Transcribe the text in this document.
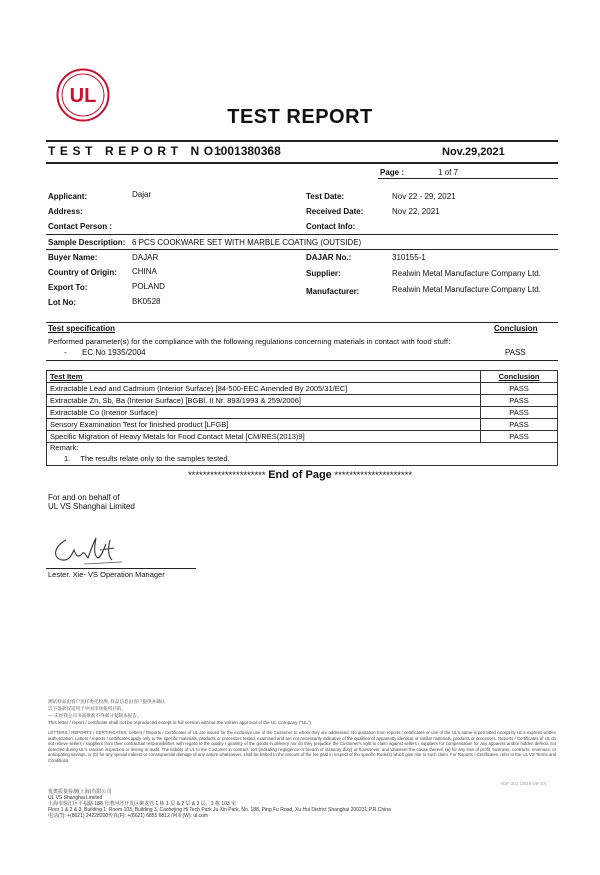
UL
TEST REPORT
TEST REPORT NO:
1001380368	Nov.29,2021
Page :	1 of 7
Applicant:	Dajar	Test Date:	Nov 22 - 29, 2021
Address:	Received Date:	Nov 22, 2021
Contact Person :	Contact Info:
Sample Description: 6 PCS COOKWARE SET WITH MARBLE COATING (OUTSIDE)
Buyer Name:	DAJAR	DAJAR No.:	310155-1
Country of Origin: CHINA	Supplier:	Realwin Metal Manufacture Company Ltd.
Export To:	POLAND
Manufacturer:	Realwin Metal Manufacture Company Ltd.
Lot No:	BK0528
Test specification	Conclusion
Performed parameter(s) for the compliance with the following regulations concerning materials in contact with food stuff：
- EC No 1935/2004	PASS
Test Item	Conclusion
Extractable Lead and Cadmium (Interior Surface) [84-500-EEC Amended By 2005/31/EC]	PASS
Extractable Zn, Sb, Ba (Interior Surface) [BGBl. II Nr. 893/1993 & 259/2006]	PASS
Extractable Co (Interior Surface)	PASS
Sensory Examination Test for finished product [LFGB]	PASS
Specific Migration of Heavy Metals for Food Contact Metal [CM/RES(2013)9]	PASS

Remark:
1. The results relate only to the samples tested.	
********************* End of Page *********************
For and on behalf of
UL VS Shanghai Limited
Lester. Xie- VS Operation Manager
测试样品由客户送样委托检测, 样品信息由客户提供并确认
以下条款仅适用于中国市场使用目的。
----未经我公司书面批准不得部分复制本报告。
This letter / report / certificate shall not be reproduced except in full version without the written approval of the UL Company ("UL").
LETTERS / REPORTS / CERTIFICATES: Letters / Reports / Certificates of UL are issued for the exclusive use of the Customer to whom they are addressed. No quotation from reports / certificates or use of the UL's name is permitted except by UL's express written authorization. Letters / reports / certificates apply only to the specific materials, products or processes tested, examined and are not necessarily indicative of the qualities of apparently identical or similar materials, products or processes. Reports / Certificates of UL do not relieve sellers / suppliers from their contractual responsibilities with regard to the quality / quantity of the goods in delivery nor do they prejudice the Customer's right to claim against sellers / suppliers for compensation for any apparent and/or hidden defects not detected during UL's random inspection or testing or audit. The liability of UL to the Customer in contract, tort (including negligence or breach of statutory duty) or howsoever, and whatever the cause thereof, (a) for any loss of profit, business, contracts, revenues, or anticipating savings, or (b) for any special indirect or consequential damage of any nature whatsoever, shall be limited to the amount of the fee paid in respect of the specific Rode(s) which give rise to such claim. For Reports / Certificates, refer to the UL VS Terms and Conditions.
ADF-201 (2018-09-10)
优奥质量检测(上海)有限公司
UL VS Shanghai Limited
上海市徐汇区平福路 188 号漕河泾开发区聚龙管 1 栋 1 层 & 2 层 & 3 层，3 栋 103 室
Floor 1 & 2 & 3, Building 1; Room 103, Building 3, Caohejing Hi Tech Park Ju Xin Park, No. 188, Ping Fu Road, Xu Hui District Shanghai 200231,P.R.China
电话(T): +(8621) 24228200传真(F): +(8621) 6855 6812 /网址(W): ul.com
